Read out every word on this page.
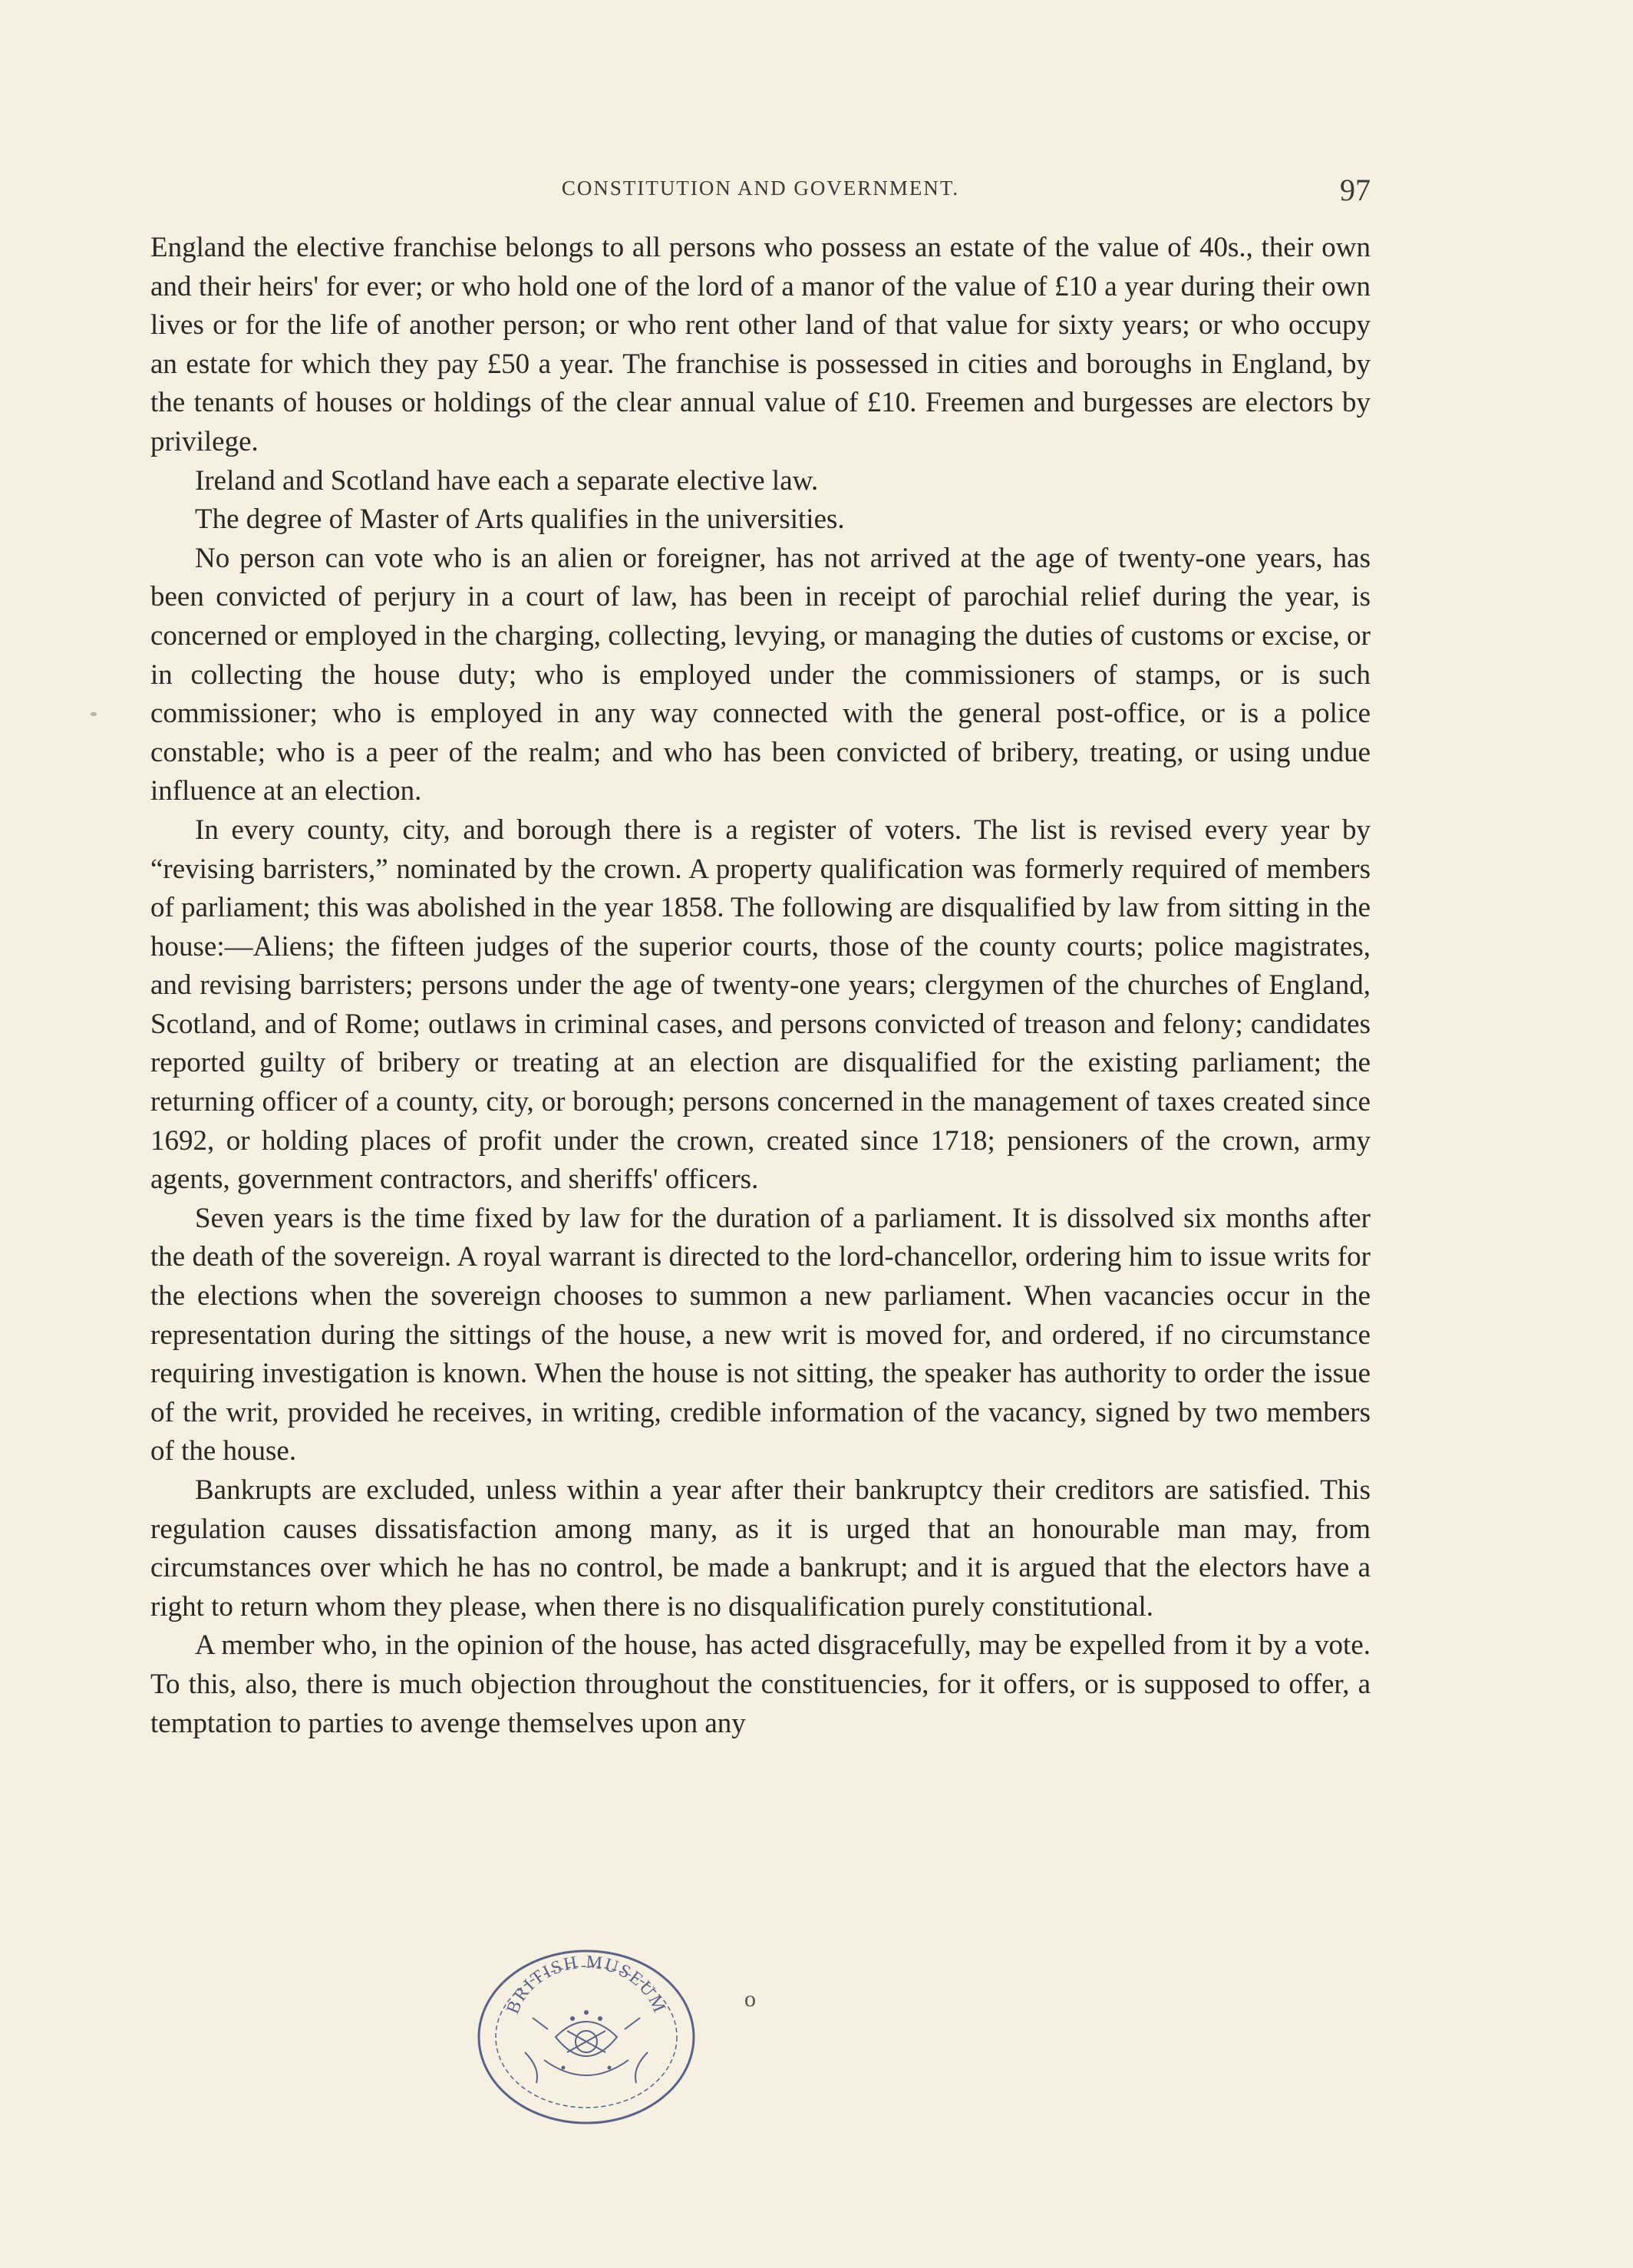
CONSTITUTION AND GOVERNMENT.	97

England the elective franchise belongs to all persons who possess an estate of the value of 40s., their own and their heirs' for ever; or who hold one of the lord of a manor of the value of £10 a year during their own lives or for the life of another person; or who rent other land of that value for sixty years; or who occupy an estate for which they pay £50 a year. The franchise is possessed in cities and boroughs in England, by the tenants of houses or holdings of the clear annual value of £10. Freemen and burgesses are electors by privilege.

Ireland and Scotland have each a separate elective law.

The degree of Master of Arts qualifies in the universities.

No person can vote who is an alien or foreigner, has not arrived at the age of twenty-one years, has been convicted of perjury in a court of law, has been in receipt of parochial relief during the year, is concerned or employed in the charging, collecting, levying, or managing the duties of customs or excise, or in collecting the house duty; who is employed under the commissioners of stamps, or is such commissioner; who is employed in any way connected with the general post-office, or is a police constable; who is a peer of the realm; and who has been convicted of bribery, treating, or using undue influence at an election.

In every county, city, and borough there is a register of voters. The list is revised every year by “revising barristers,” nominated by the crown. A property qualification was formerly required of members of parliament; this was abolished in the year 1858. The following are disqualified by law from sitting in the house:—Aliens; the fifteen judges of the superior courts, those of the county courts; police magistrates, and revising barristers; persons under the age of twenty-one years; clergymen of the churches of England, Scotland, and of Rome; outlaws in criminal cases, and persons convicted of treason and felony; candidates reported guilty of bribery or treating at an election are disqualified for the existing parliament; the returning officer of a county, city, or borough; persons concerned in the management of taxes created since 1692, or holding places of profit under the crown, created since 1718; pensioners of the crown, army agents, government contractors, and sheriffs' officers.

Seven years is the time fixed by law for the duration of a parliament. It is dissolved six months after the death of the sovereign. A royal warrant is directed to the lord-chancellor, ordering him to issue writs for the elections when the sovereign chooses to summon a new parliament. When vacancies occur in the representation during the sittings of the house, a new writ is moved for, and ordered, if no circumstance requiring investigation is known. When the house is not sitting, the speaker has authority to order the issue of the writ, provided he receives, in writing, credible information of the vacancy, signed by two members of the house.

Bankrupts are excluded, unless within a year after their bankruptcy their creditors are satisfied. This regulation causes dissatisfaction among many, as it is urged that an honourable man may, from circumstances over which he has no control, be made a bankrupt; and it is argued that the electors have a right to return whom they please, when there is no disqualification purely constitutional.

A member who, in the opinion of the house, has acted disgracefully, may be expelled from it by a vote. To this, also, there is much objection throughout the constituencies, for it offers, or is supposed to offer, a temptation to parties to avenge themselves upon any

BRITISH MUSEUM	o
